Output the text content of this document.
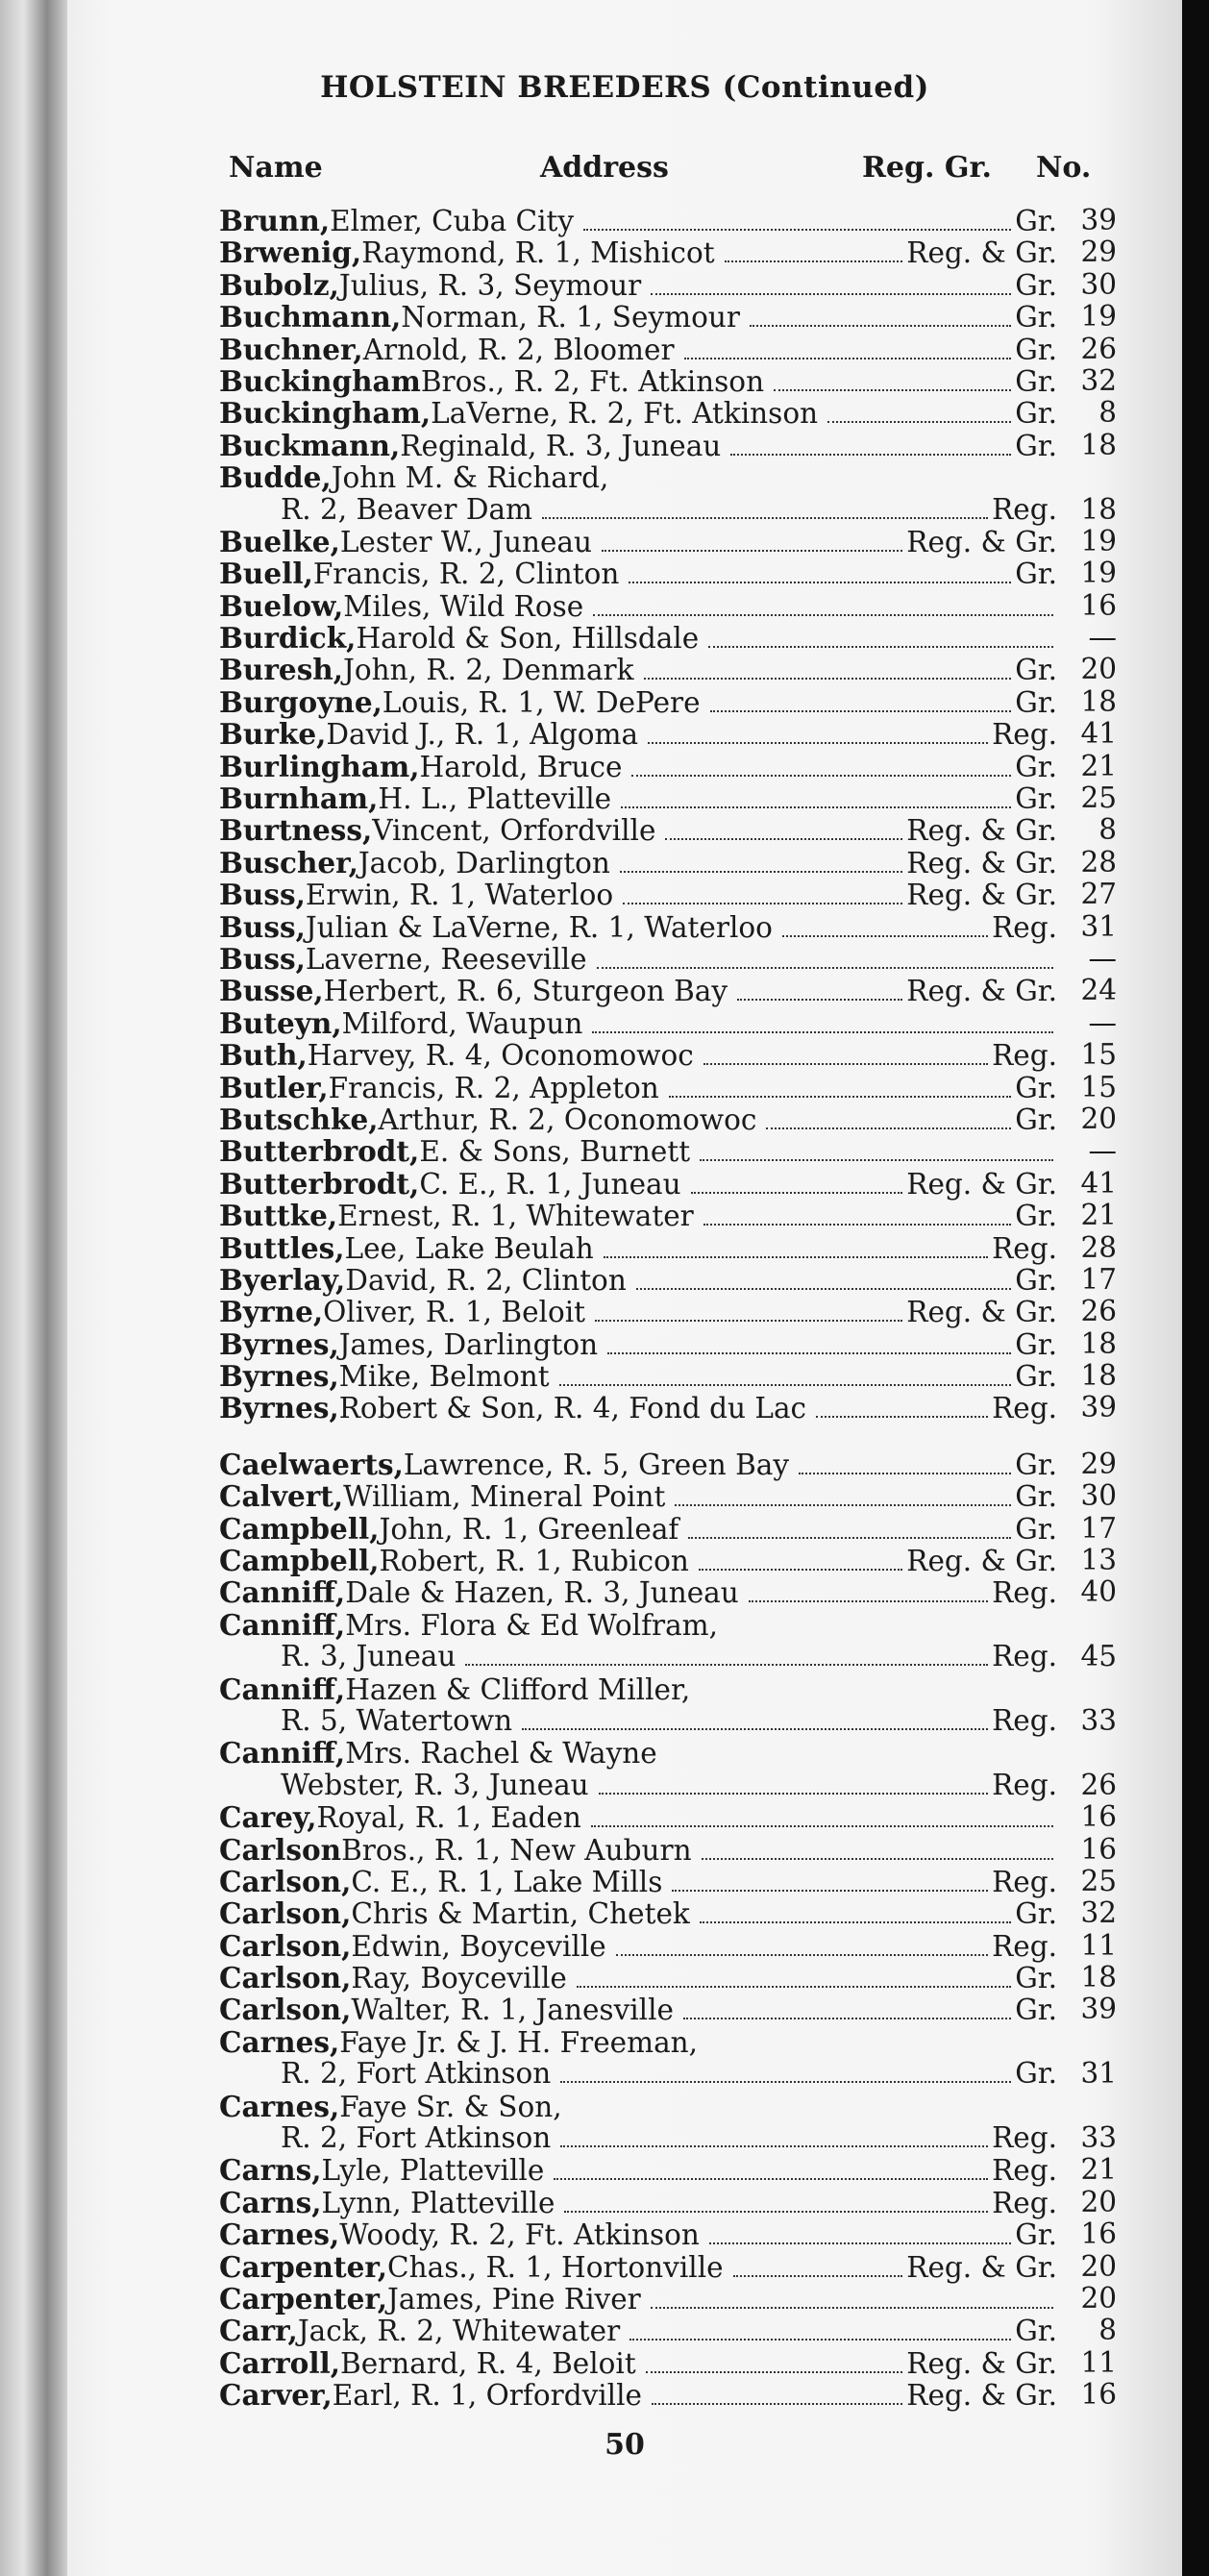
HOLSTEIN BREEDERS (Continued)
Name	Address	Reg. Gr. No.
Brunn, Elmer, Cuba City	Gr. 39
Brwenig, Raymond, R. 1, Mishicot	Reg. & Gr. 29
Bubolz, Julius, R. 3, Seymour	Gr. 30
Buchmann, Norman, R. 1, Seymour	Gr. 19
Buchner, Arnold, R. 2, Bloomer	Gr. 26
Buckingham Bros., R. 2, Ft. Atkinson	Gr. 32
Buckingham, LaVerne, R. 2, Ft. Atkinson	Gr.	8
Buckmann, Reginald, R. 3, Juneau	Gr. 18
Budde, John M. & Richard,
R. 2, Beaver Dam	Reg. 18
Buelke, Lester W., Juneau	Reg. & Gr. 19
Buell, Francis, R. 2, Clinton	Gr. 19
Buelow, Miles, Wild Rose	16
Burdick, Harold & Son, Hillsdale	—
Buresh, John, R. 2, Denmark	Gr. 20
Burgoyne, Louis, R. 1, W. DePere	Gr. 18
Burke, David J., R. 1, Algoma	Reg. 41
Burlingham, Harold, Bruce	Gr. 21
Burnham, H. L., Platteville	Gr. 25
Burtness, Vincent, Orfordville	Reg. & Gr.	8
Buscher, Jacob, Darlington	Reg. & Gr. 28
Buss, Erwin, R. 1, Waterloo	Reg. & Gr. 27
Buss, Julian & LaVerne, R. 1, Waterloo	Reg. 31
Buss, Laverne, Reeseville	—
Busse, Herbert, R. 6, Sturgeon Bay	Reg. & Gr. 24
Buteyn, Milford, Waupun	—
Buth, Harvey, R. 4, Oconomowoc	Reg. 15
Butler, Francis, R. 2, Appleton	Gr. 15
Butschke, Arthur, R. 2, Oconomowoc	Gr. 20
Butterbrodt, E. & Sons, Burnett	—
Butterbrodt, C. E., R. 1, Juneau	Reg. & Gr. 41
Buttke, Ernest, R. 1, Whitewater	Gr. 21
Buttles, Lee, Lake Beulah	Reg. 28
Byerlay, David, R. 2, Clinton	Gr. 17
Byrne, Oliver, R. 1, Beloit	Reg. & Gr. 26
Byrnes, James, Darlington	Gr. 18
Byrnes, Mike, Belmont	Gr. 18
Byrnes, Robert & Son, R. 4, Fond du Lac	Reg. 39
Caelwaerts, Lawrence, R. 5, Green Bay	Gr. 29
Calvert, William, Mineral Point	Gr. 30
Campbell, John, R. 1, Greenleaf	Gr. 17
Campbell, Robert, R. 1, Rubicon	Reg. & Gr. 13
Canniff, Dale & Hazen, R. 3, Juneau	Reg. 40
Canniff, Mrs. Flora & Ed Wolfram,
R. 3, Juneau	Reg. 45
Canniff, Hazen & Clifford Miller,
R. 5, Watertown	Reg. 33
Canniff, Mrs. Rachel & Wayne
Webster, R. 3, Juneau	Reg. 26
Carey, Royal, R. 1, Eaden	16
Carlson Bros., R. 1, New Auburn	16
Carlson, C. E., R. 1, Lake Mills	Reg. 25
Carlson, Chris & Martin, Chetek	Gr. 32
Carlson, Edwin, Boyceville	Reg. 11
Carlson, Ray, Boyceville	Gr. 18
Carlson, Walter, R. 1, Janesville	Gr. 39
Carnes, Faye Jr. & J. H. Freeman,
R. 2, Fort Atkinson	Gr. 31
Carnes, Faye Sr. & Son,
R. 2, Fort Atkinson	Reg. 33
Carns, Lyle, Platteville	Reg. 21
Carns, Lynn, Platteville	Reg. 20
Carnes, Woody, R. 2, Ft. Atkinson	Gr. 16
Carpenter, Chas., R. 1, Hortonville	Reg. & Gr. 20
Carpenter, James, Pine River	20
Carr, Jack, R. 2, Whitewater	Gr.	8
Carroll, Bernard, R. 4, Beloit	Reg. & Gr. 11
Carver, Earl, R. 1, Orfordville	Reg. & Gr. 16
50
